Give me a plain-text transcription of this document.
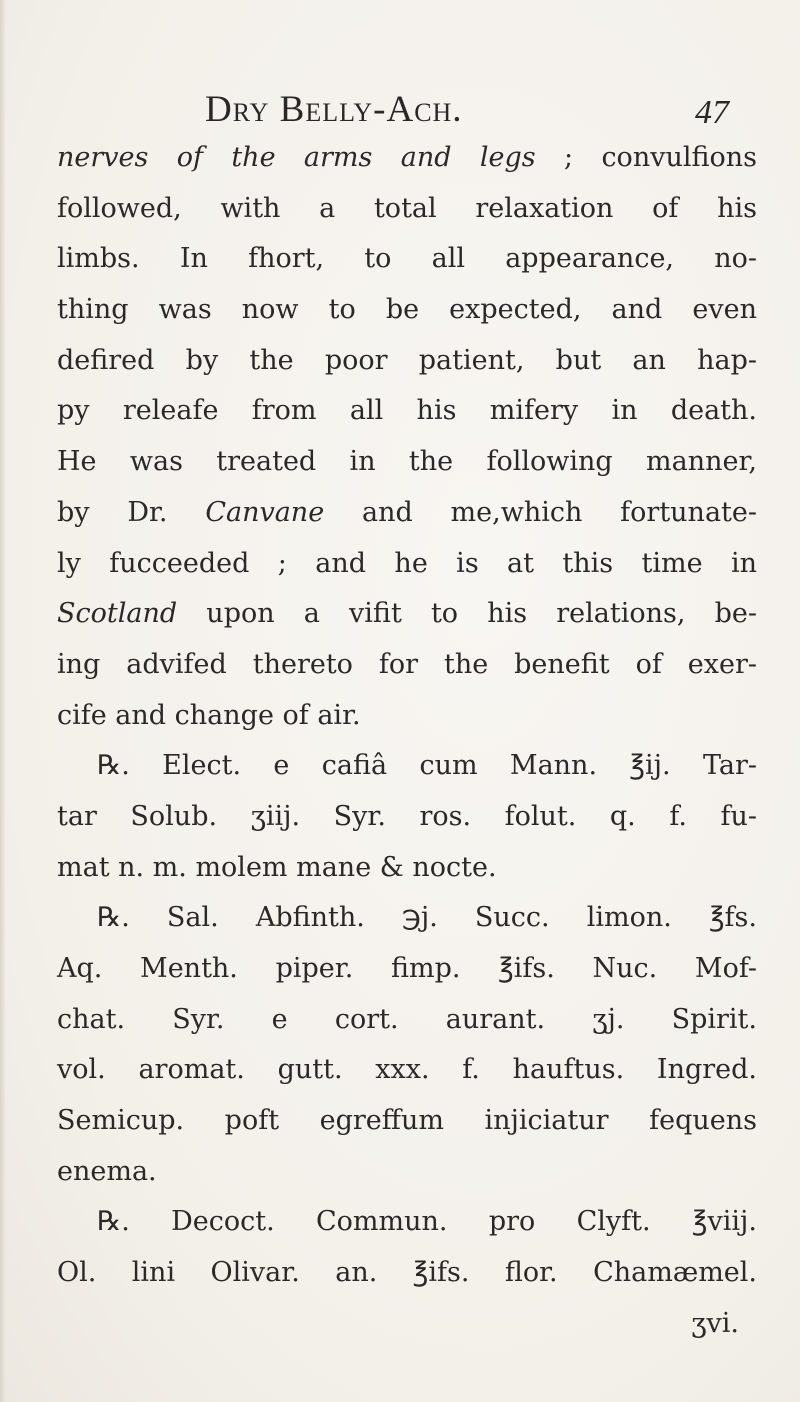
Dry Belly-Ach.	47
nerves of the arms and legs ; convulfions
followed, with a total relaxation of his
limbs. In fhort, to all appearance, no-
thing was now to be expected, and even
defired by the poor patient, but an hap-
py releafe from all his mifery in death.
He was treated in the following manner,
by Dr. Canvane and me,which fortunate-
ly fucceeded ; and he is at this time in
Scotland upon a vifit to his relations, be-
ing advifed thereto for the benefit of exer-
cife and change of air.
℞. Elect. e cafiâ cum Mann. ℥ij. Tar-
tar Solub. ʒiij. Syr. ros. folut. q. f. fu-
mat n. m. molem mane & nocte.
℞. Sal. Abfinth. ℈j. Succ. limon. ℥fs.
Aq. Menth. piper. fimp. ℥ifs. Nuc. Mof-
chat. Syr. e cort. aurant. ʒj. Spirit.
vol. aromat. gutt. xxx. f. hauftus. Ingred.
Semicup. poft egreffum injiciatur fequens
enema.
℞. Decoct. Commun. pro Clyft. ℥viij.
Ol. lini Olivar. an. ℥ifs. flor. Chamæmel.
ʒvi.
